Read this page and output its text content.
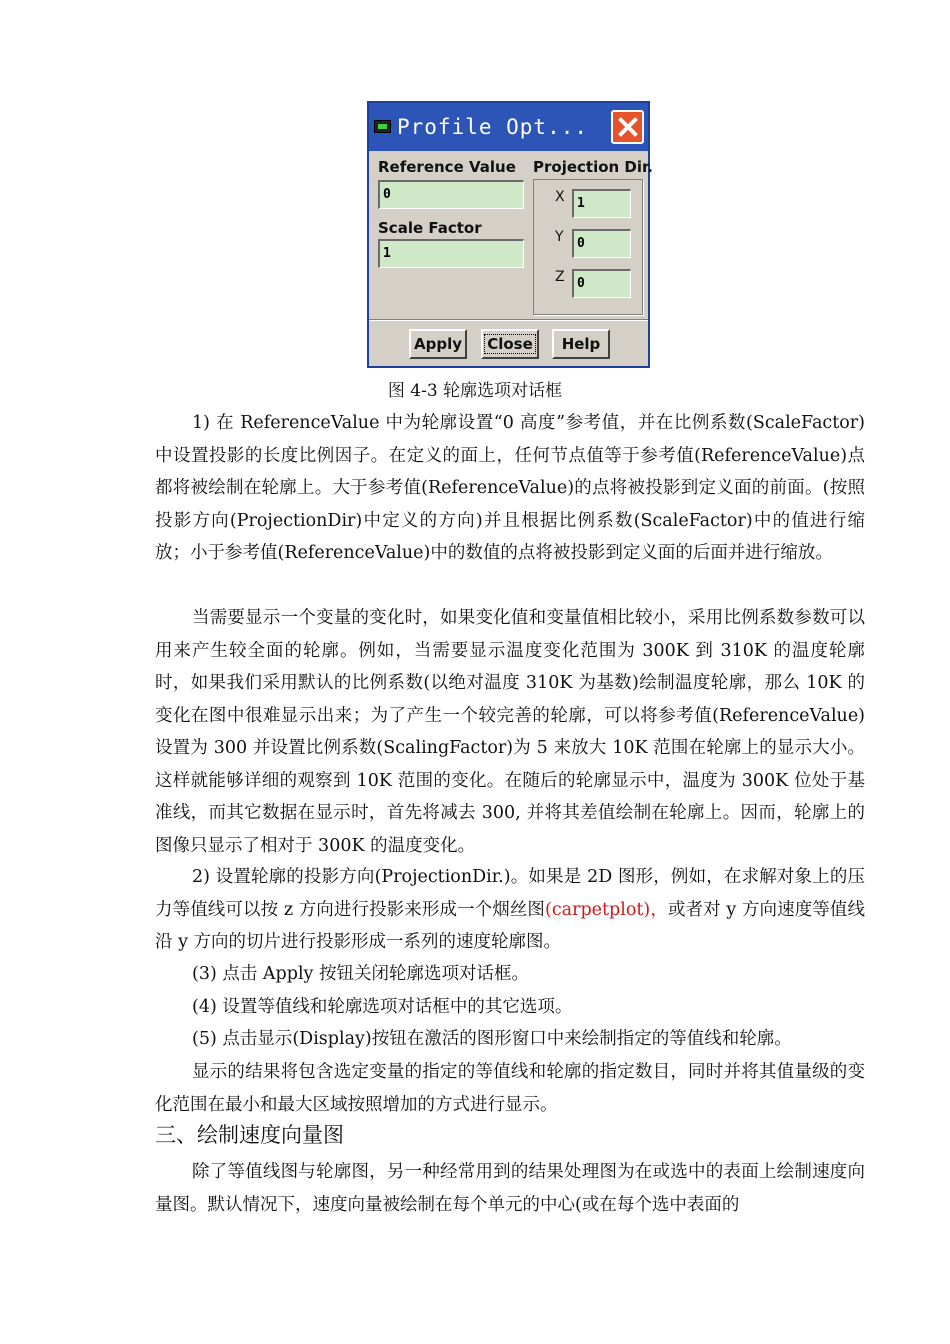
Profile Opt...
Reference Value
0
Scale Factor
1
Projection Dir.
X 1
Y	0
Z 0
Apply	Close	Help
图 4-3 轮廓选项对话框
1) 在 ReferenceValue 中为轮廓设置“0 高度”参考值，并在比例系数(ScaleFactor)中设置投影的长度比例因子。在定义的面上，任何节点值等于参考值(ReferenceValue)点都将被绘制在轮廓上。大于参考值(ReferenceValue)的点将被投影到定义面的前面。(按照投影方向(ProjectionDir)中定义的方向)并且根据比例系数(ScaleFactor)中的值进行缩放；小于参考值(ReferenceValue)中的数值的点将被投影到定义面的后面并进行缩放。
当需要显示一个变量的变化时，如果变化值和变量值相比较小，采用比例系数参数可以用来产生较全面的轮廓。例如，当需要显示温度变化范围为 300K 到 310K 的温度轮廓时，如果我们采用默认的比例系数(以绝对温度 310K 为基数)绘制温度轮廓，那么 10K 的变化在图中很难显示出来；为了产生一个较完善的轮廓，可以将参考值(ReferenceValue)设置为 300 并设置比例系数(ScalingFactor)为 5 来放大 10K 范围在轮廓上的显示大小。这样就能够详细的观察到 10K 范围的变化。在随后的轮廓显示中，温度为 300K 位处于基准线，而其它数据在显示时，首先将减去 300, 并将其差值绘制在轮廓上。因而，轮廓上的图像只显示了相对于 300K 的温度变化。
2) 设置轮廓的投影方向(ProjectionDir.)。如果是 2D 图形，例如，在求解对象上的压力等值线可以按 z 方向进行投影来形成一个烟丝图(carpetplot)，或者对 y 方向速度等值线沿 y 方向的切片进行投影形成一系列的速度轮廓图。
(3) 点击 Apply 按钮关闭轮廓选项对话框。
(4) 设置等值线和轮廓选项对话框中的其它选项。
(5) 点击显示(Display)按钮在激活的图形窗口中来绘制指定的等值线和轮廓。
显示的结果将包含选定变量的指定的等值线和轮廓的指定数目，同时并将其值量级的变化范围在最小和最大区域按照增加的方式进行显示。
三、绘制速度向量图
除了等值线图与轮廓图，另一种经常用到的结果处理图为在或选中的表面上绘制速度向量图。默认情况下，速度向量被绘制在每个单元的中心(或在每个选中表面的
